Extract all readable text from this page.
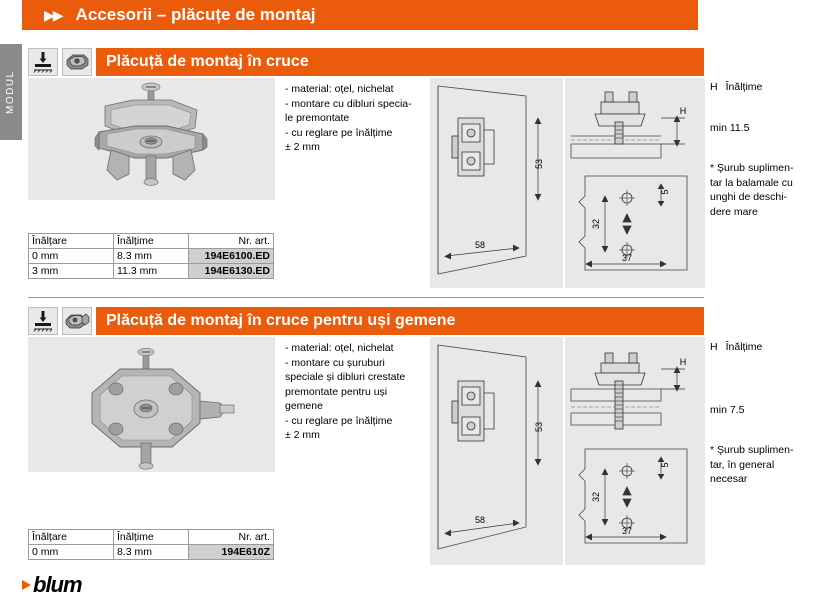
MODUL
▶▶ Accesorii – plăcuțe de montaj
Plăcuță de montaj în cruce
- material: oțel, nichelat
- montare cu dibluri specia-
le premontate
- cu reglare pe înălțime
± 2 mm
53
58
H
32
5
37
H Înălțime
min 11.5
* Şurub suplimen-
tar la balamale cu
unghi de deschi-
dere mare
Înălțare	Înălțime	Nr. art.
0 mm	8.3 mm	194E6100.ED
3 mm	11.3 mm	194E6130.ED
Plăcuță de montaj în cruce pentru uși gemene
- material: oțel, nichelat
- montare cu șuruburi
speciale și dibluri crestate
premontate pentru uși
gemene
- cu reglare pe înălțime
± 2 mm
53
58
H
32
5
37
H Înălțime
min 7.5
* Şurub suplimen-
tar, în general
necesar
Înălțare	Înălțime	Nr. art.
0 mm	8.3 mm	194E610Z
blum
